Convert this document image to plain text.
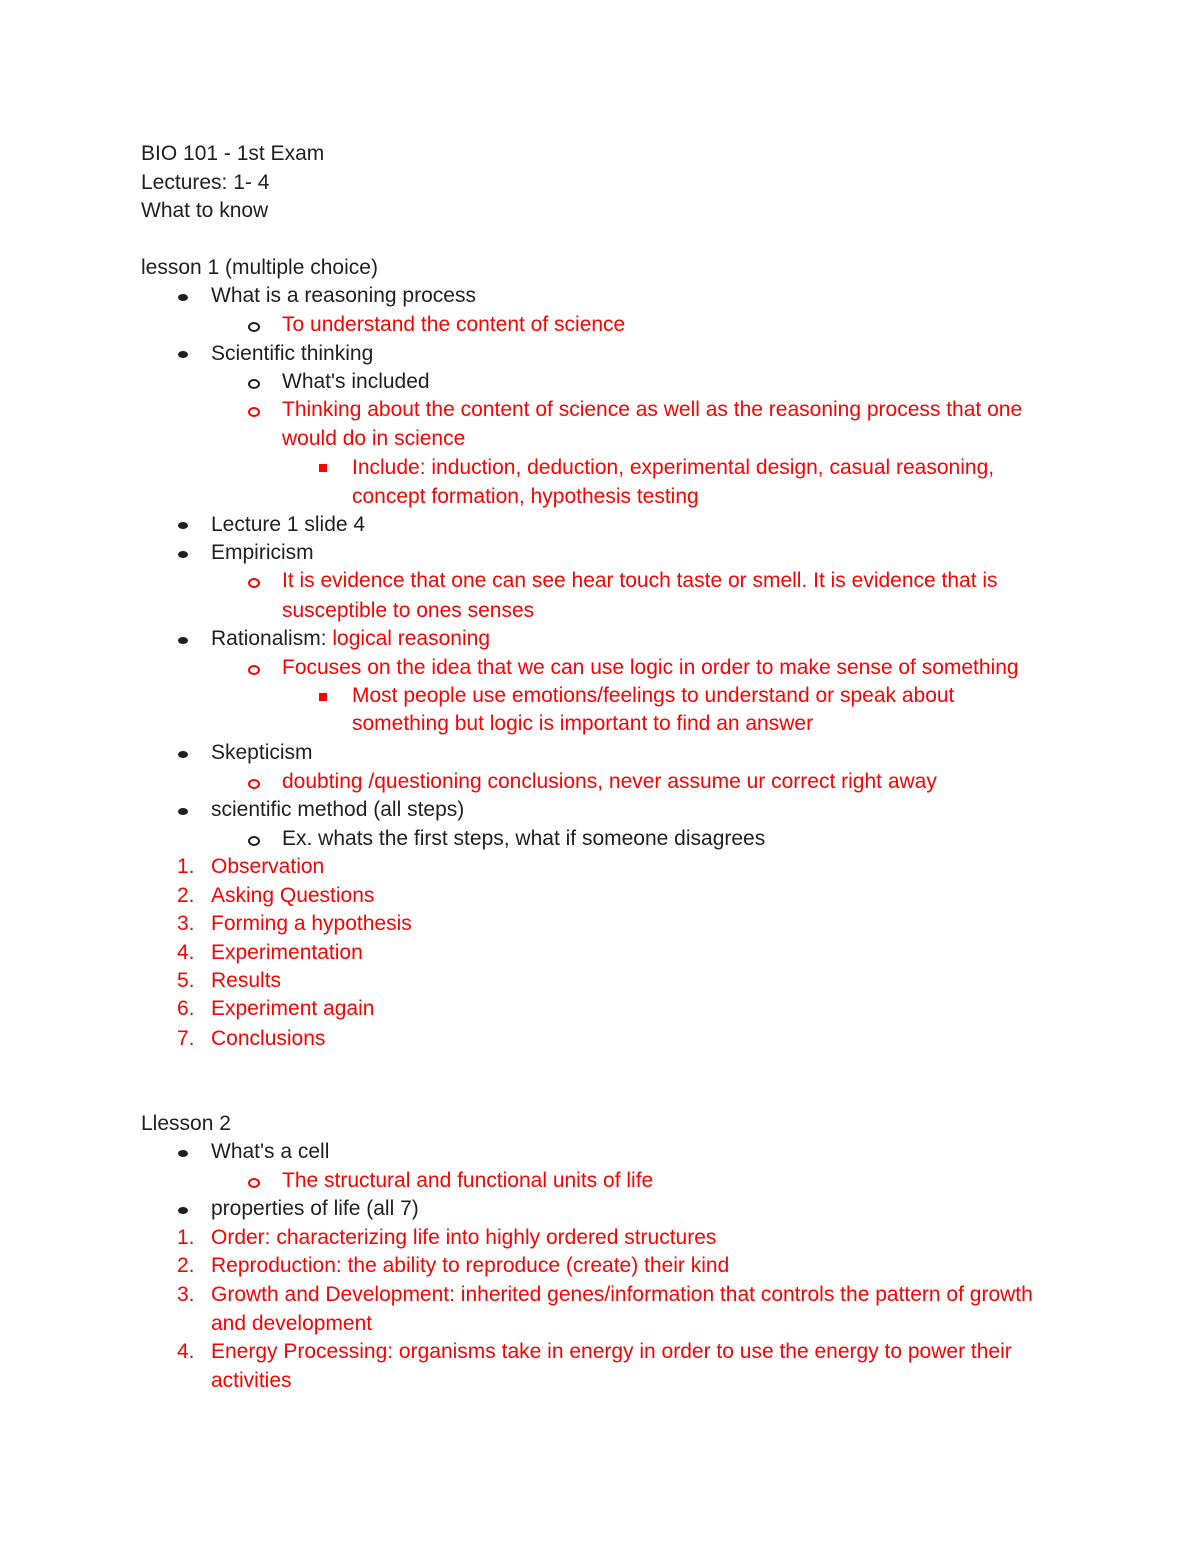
BIO 101 - 1st Exam
Lectures: 1- 4
What to know
lesson 1 (multiple choice)
What is a reasoning process
To understand the content of science
Scientific thinking
What's included
Thinking about the content of science as well as the reasoning process that one
would do in science
Include: induction, deduction, experimental design, casual reasoning,
concept formation, hypothesis testing
Lecture 1 slide 4
Empiricism
It is evidence that one can see hear touch taste or smell. It is evidence that is
susceptible to ones senses
Rationalism: logical reasoning
Focuses on the idea that we can use logic in order to make sense of something
Most people use emotions/feelings to understand or speak about
something but logic is important to find an answer
Skepticism
doubting /questioning conclusions, never assume ur correct right away
scientific method (all steps)
Ex. whats the first steps, what if someone disagrees
1. Observation
2. Asking Questions
3. Forming a hypothesis
4. Experimentation
5. Results
6. Experiment again
7. Conclusions
Llesson 2
What's a cell
The structural and functional units of life
properties of life (all 7)
1. Order: characterizing life into highly ordered structures
2. Reproduction: the ability to reproduce (create) their kind
3. Growth and Development: inherited genes/information that controls the pattern of growth
and development
4. Energy Processing: organisms take in energy in order to use the energy to power their
activities
